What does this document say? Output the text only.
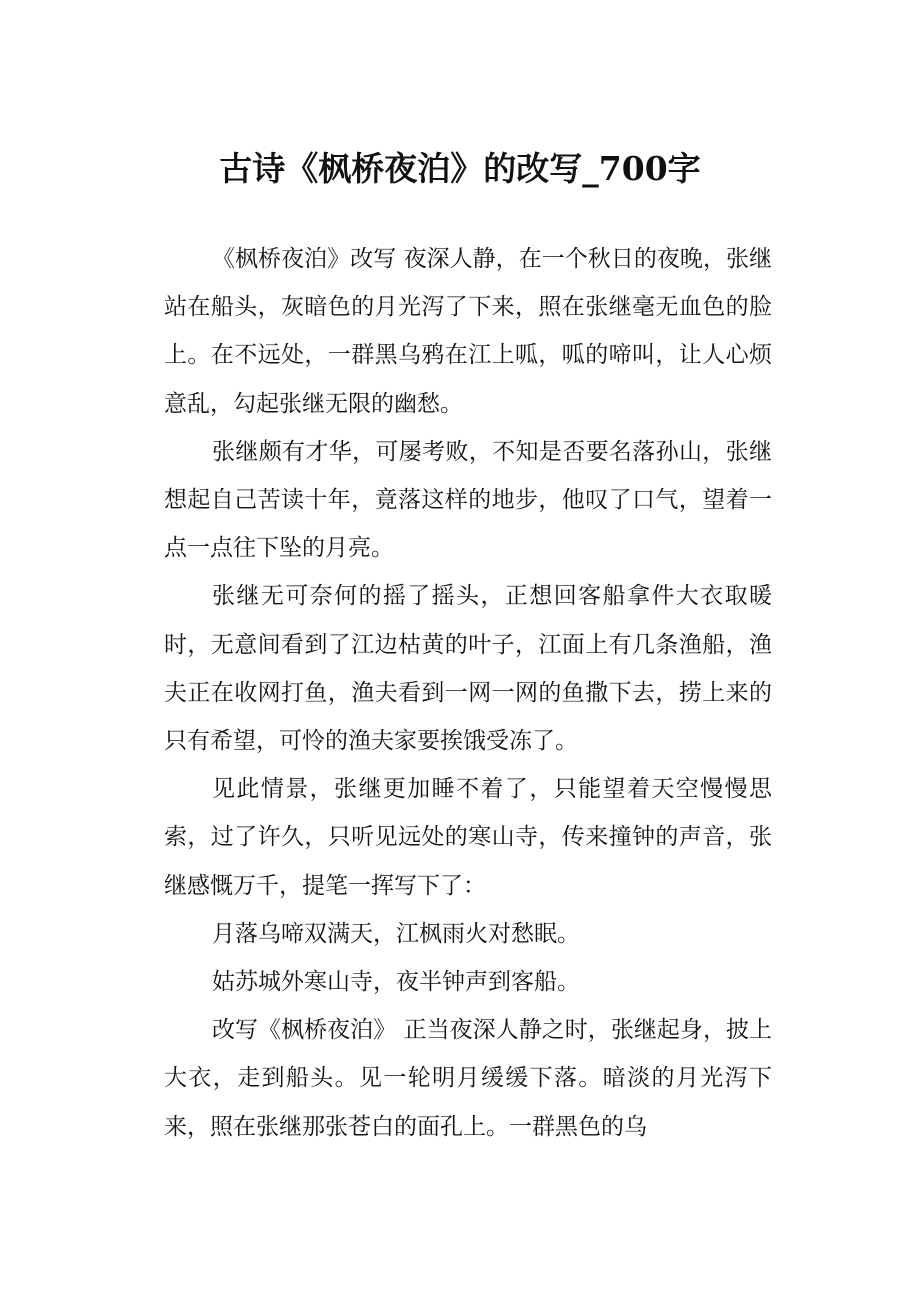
古诗《枫桥夜泊》的改写_700字

《枫桥夜泊》改写 夜深人静，在一个秋日的夜晚，张继站在船头，灰暗色的月光泻了下来，照在张继毫无血色的脸上。在不远处，一群黑乌鸦在江上呱，呱的啼叫，让人心烦意乱，勾起张继无限的幽愁。

张继颇有才华，可屡考败，不知是否要名落孙山，张继想起自己苦读十年，竟落这样的地步，他叹了口气，望着一点一点往下坠的月亮。

张继无可奈何的摇了摇头，正想回客船拿件大衣取暖时，无意间看到了江边枯黄的叶子，江面上有几条渔船，渔夫正在收网打鱼，渔夫看到一网一网的鱼撒下去，捞上来的只有希望，可怜的渔夫家要挨饿受冻了。

见此情景，张继更加睡不着了，只能望着天空慢慢思索，过了许久，只听见远处的寒山寺，传来撞钟的声音，张继感慨万千，提笔一挥写下了：

月落乌啼双满天，江枫雨火对愁眠。

姑苏城外寒山寺，夜半钟声到客船。

改写《枫桥夜泊》 正当夜深人静之时，张继起身，披上大衣，走到船头。见一轮明月缓缓下落。暗淡的月光泻下来，照在张继那张苍白的面孔上。一群黑色的乌
